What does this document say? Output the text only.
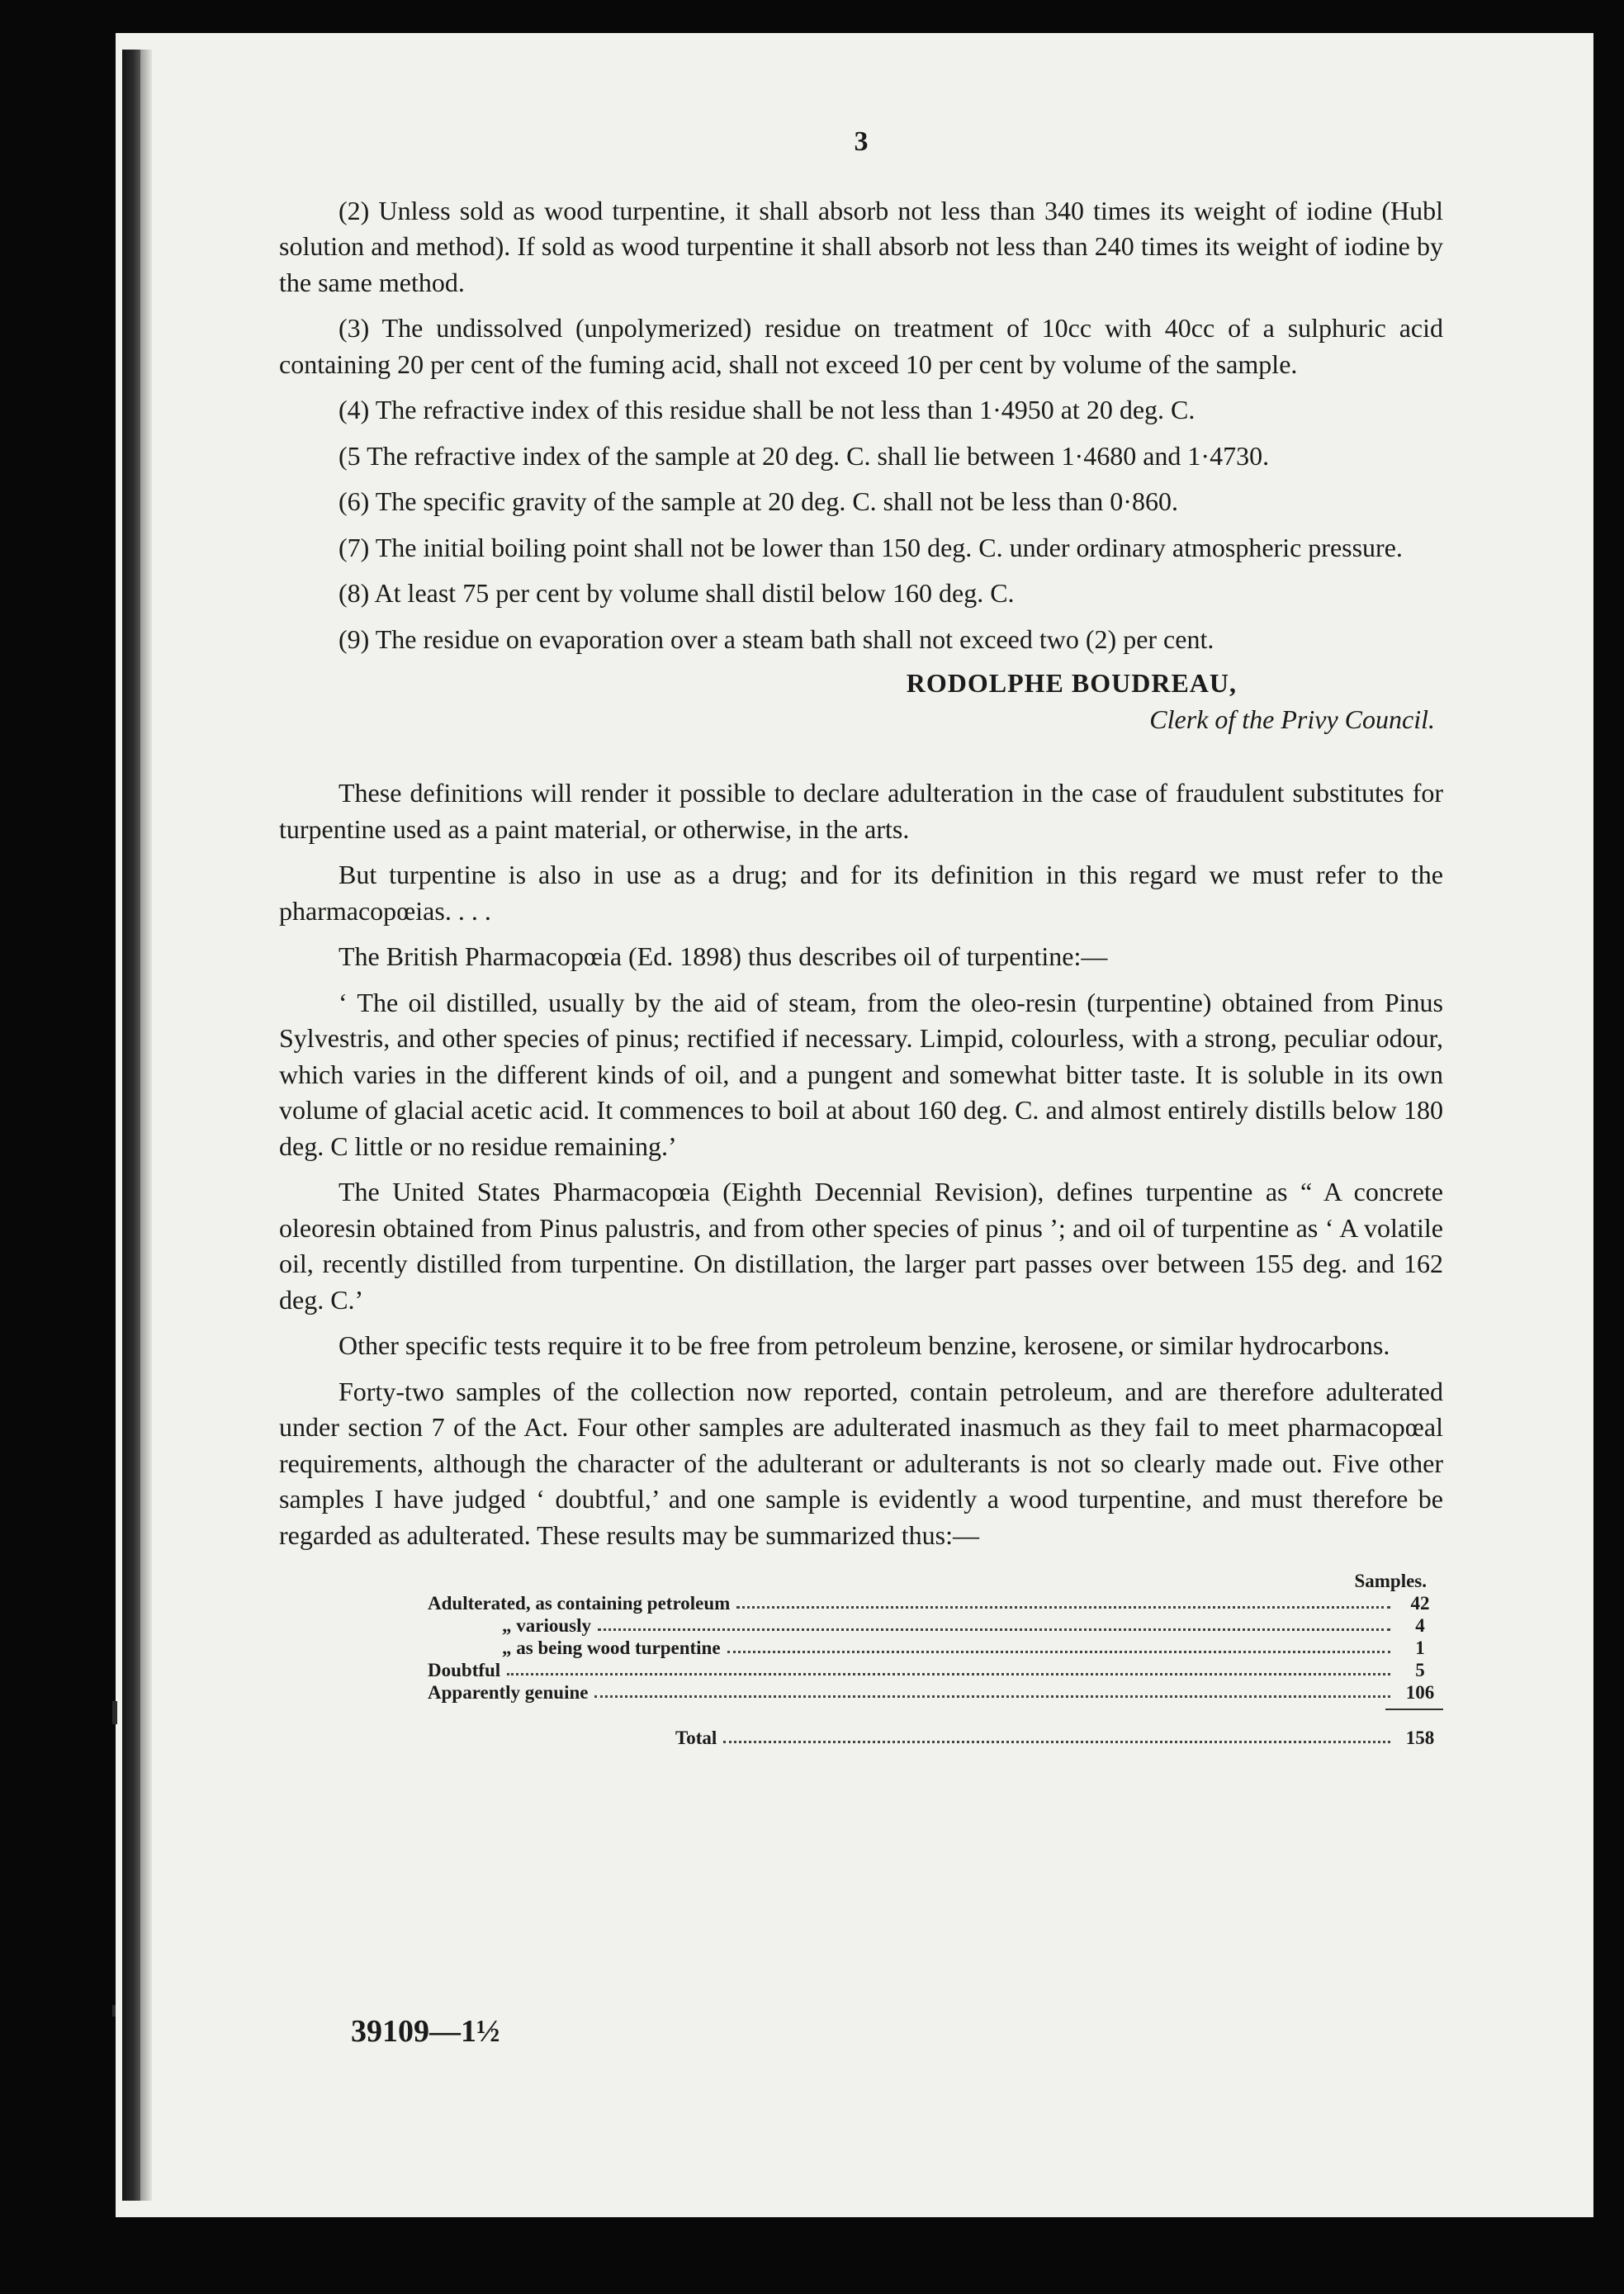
3

(2) Unless sold as wood turpentine, it shall absorb not less than 340 times its weight of iodine (Hubl solution and method). If sold as wood turpentine it shall absorb not less than 240 times its weight of iodine by the same method.

(3) The undissolved (unpolymerized) residue on treatment of 10cc with 40cc of a sulphuric acid containing 20 per cent of the fuming acid, shall not exceed 10 per cent by volume of the sample.

(4) The refractive index of this residue shall be not less than 1·4950 at 20 deg. C.

(5 The refractive index of the sample at 20 deg. C. shall lie between 1·4680 and 1·4730.

(6) The specific gravity of the sample at 20 deg. C. shall not be less than 0·860.

(7) The initial boiling point shall not be lower than 150 deg. C. under ordinary atmospheric pressure.

(8) At least 75 per cent by volume shall distil below 160 deg. C.

(9) The residue on evaporation over a steam bath shall not exceed two (2) per cent.

RODOLPHE BOUDREAU,
Clerk of the Privy Council.

These definitions will render it possible to declare adulteration in the case of fraudulent substitutes for turpentine used as a paint material, or otherwise, in the arts.

But turpentine is also in use as a drug; and for its definition in this regard we must refer to the pharmacopœias. . . .

The British Pharmacopœia (Ed. 1898) thus describes oil of turpentine:—

‘ The oil distilled, usually by the aid of steam, from the oleo-resin (turpentine) obtained from Pinus Sylvestris, and other species of pinus; rectified if necessary. Limpid, colourless, with a strong, peculiar odour, which varies in the different kinds of oil, and a pungent and somewhat bitter taste. It is soluble in its own volume of glacial acetic acid. It commences to boil at about 160 deg. C. and almost entirely distills below 180 deg. C little or no residue remaining.’

The United States Pharmacopœia (Eighth Decennial Revision), defines turpentine as “ A concrete oleoresin obtained from Pinus palustris, and from other species of pinus ’; and oil of turpentine as ‘ A volatile oil, recently distilled from turpentine. On distillation, the larger part passes over between 155 deg. and 162 deg. C.’

Other specific tests require it to be free from petroleum benzine, kerosene, or similar hydrocarbons.

Forty-two samples of the collection now reported, contain petroleum, and are therefore adulterated under section 7 of the Act. Four other samples are adulterated inasmuch as they fail to meet pharmacopœal requirements, although the character of the adulterant or adulterants is not so clearly made out. Five other samples I have judged ‘ doubtful,’ and one sample is evidently a wood turpentine, and must therefore be regarded as adulterated. These results may be summarized thus:—

Samples.
Adulterated, as containing petroleum	42
„ variously	4
„ as being wood turpentine	1
Doubtful	5
Apparently genuine	106
Total	158
39109—1½
